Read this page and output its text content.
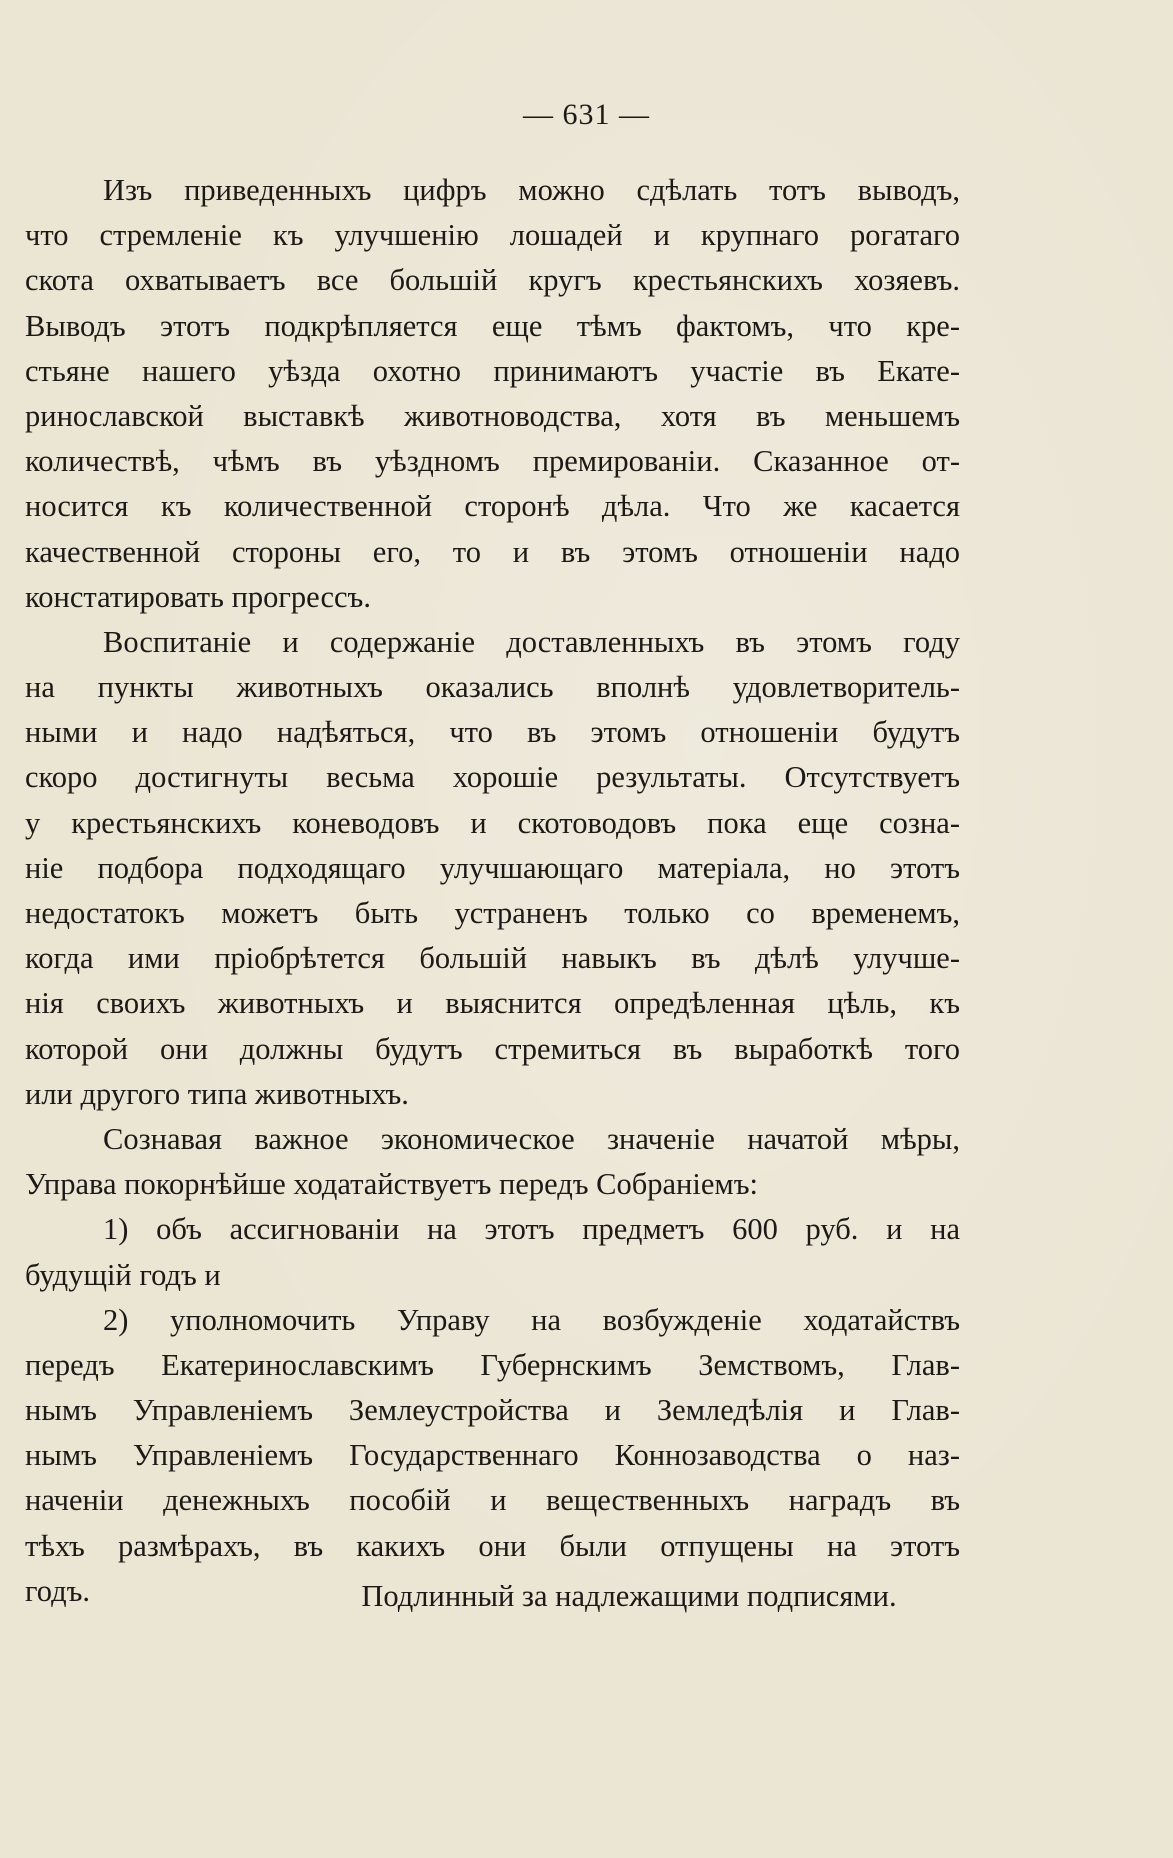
— 631 —
Изъ приведенныхъ цифръ можно сдѣлать тотъ выводъ,
что стремленіе къ улучшенію лошадей и крупнаго рогатаго
скота охватываетъ все большій кругъ крестьянскихъ хозяевъ.
Выводъ этотъ подкрѣпляется еще тѣмъ фактомъ, что кре-
стьяне нашего уѣзда охотно принимаютъ участіе въ Екате-
ринославской выставкѣ животноводства, хотя въ меньшемъ
количествѣ, чѣмъ въ уѣздномъ премированіи. Сказанное от-
носится къ количественной сторонѣ дѣла. Что же касается
качественной стороны его, то и въ этомъ отношеніи надо
констатировать прогрессъ.
Воспитаніе и содержаніе доставленныхъ въ этомъ году
на пункты животныхъ оказались вполнѣ удовлетворитель-
ными и надо надѣяться, что въ этомъ отношеніи будутъ
скоро достигнуты весьма хорошіе результаты. Отсутствуетъ
у крестьянскихъ коневодовъ и скотоводовъ пока еще созна-
ніе подбора подходящаго улучшающаго матеріала, но этотъ
недостатокъ можетъ быть устраненъ только со временемъ,
когда ими пріобрѣтется большій навыкъ въ дѣлѣ улучше-
нія своихъ животныхъ и выяснится опредѣленная цѣль, къ
которой они должны будутъ стремиться въ выработкѣ того
или другого типа животныхъ.
Сознавая важное экономическое значеніе начатой мѣры,
Управа покорнѣйше ходатайствуетъ передъ Собраніемъ:
1) объ ассигнованіи на этотъ предметъ 600 руб. и на
будущій годъ и
2) уполномочить Управу на возбужденіе ходатайствъ
передъ Екатеринославскимъ Губернскимъ Земствомъ, Глав-
нымъ Управленіемъ Землеустройства и Земледѣлія и Глав-
нымъ Управленіемъ Государственнаго Коннозаводства о наз-
наченіи денежныхъ пособій и вещественныхъ наградъ въ
тѣхъ размѣрахъ, въ какихъ они были отпущены на этотъ
годъ.	Подлинный за надлежащими подписями.
